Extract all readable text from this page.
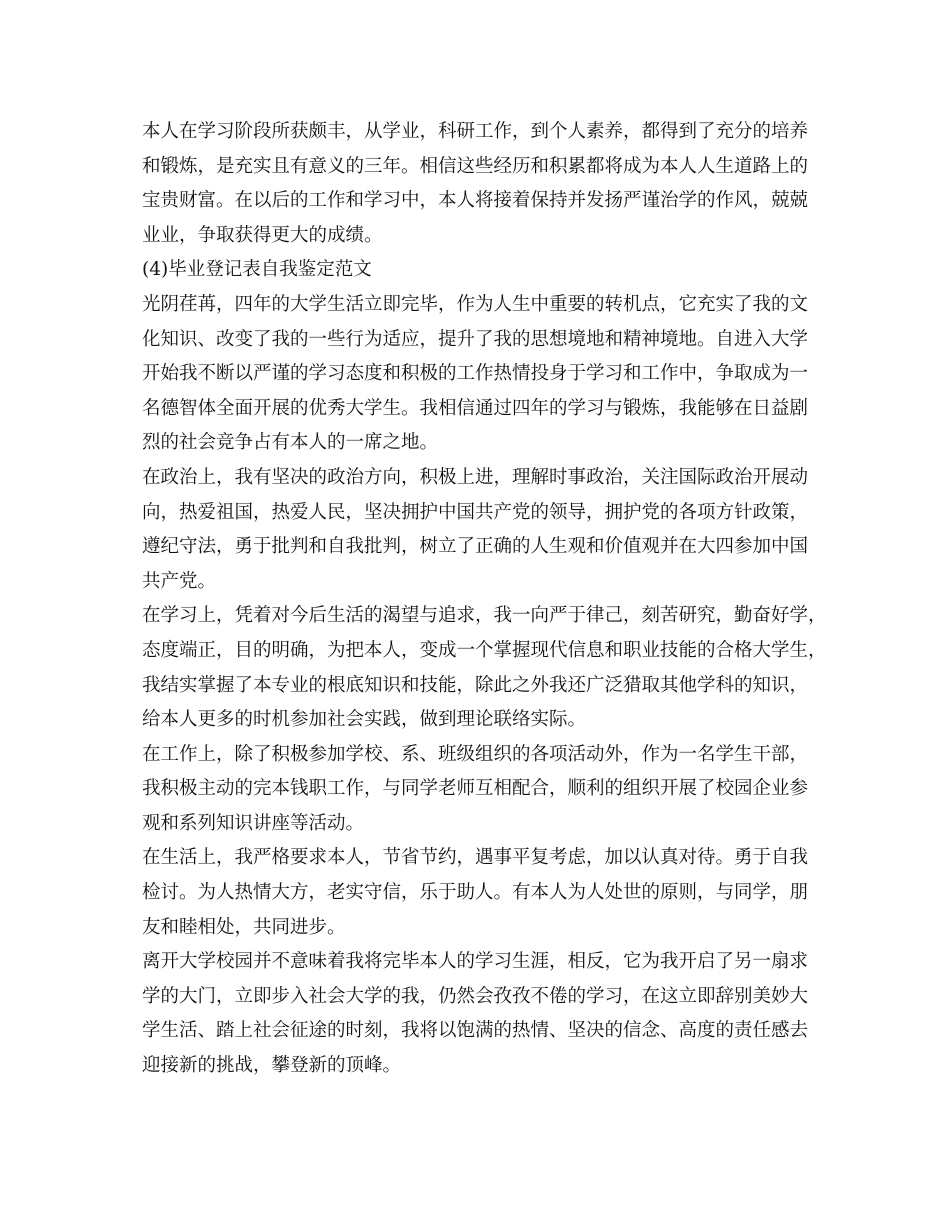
本人在学习阶段所获颇丰，从学业，科研工作，到个人素养，都得到了充分的培养
和锻炼，是充实且有意义的三年。相信这些经历和积累都将成为本人人生道路上的
宝贵财富。在以后的工作和学习中，本人将接着保持并发扬严谨治学的作风，兢兢
业业，争取获得更大的成绩。
(4)毕业登记表自我鉴定范文
光阴荏苒，四年的大学生活立即完毕，作为人生中重要的转机点，它充实了我的文
化知识、改变了我的一些行为适应，提升了我的思想境地和精神境地。自进入大学
开始我不断以严谨的学习态度和积极的工作热情投身于学习和工作中，争取成为一
名德智体全面开展的优秀大学生。我相信通过四年的学习与锻炼，我能够在日益剧
烈的社会竞争占有本人的一席之地。
在政治上，我有坚决的政治方向，积极上进，理解时事政治，关注国际政治开展动
向，热爱祖国，热爱人民，坚决拥护中国共产党的领导，拥护党的各项方针政策，
遵纪守法，勇于批判和自我批判，树立了正确的人生观和价值观并在大四参加中国
共产党。
在学习上，凭着对今后生活的渴望与追求，我一向严于律己，刻苦研究，勤奋好学，
态度端正，目的明确，为把本人，变成一个掌握现代信息和职业技能的合格大学生，
我结实掌握了本专业的根底知识和技能，除此之外我还广泛猎取其他学科的知识，
给本人更多的时机参加社会实践，做到理论联络实际。
在工作上，除了积极参加学校、系、班级组织的各项活动外，作为一名学生干部，
我积极主动的完本钱职工作，与同学老师互相配合，顺利的组织开展了校园企业参
观和系列知识讲座等活动。
在生活上，我严格要求本人，节省节约，遇事平复考虑，加以认真对待。勇于自我
检讨。为人热情大方，老实守信，乐于助人。有本人为人处世的原则，与同学，朋
友和睦相处，共同进步。
离开大学校园并不意味着我将完毕本人的学习生涯，相反，它为我开启了另一扇求
学的大门，立即步入社会大学的我，仍然会孜孜不倦的学习，在这立即辞别美妙大
学生活、踏上社会征途的时刻，我将以饱满的热情、坚决的信念、高度的责任感去
迎接新的挑战，攀登新的顶峰。
